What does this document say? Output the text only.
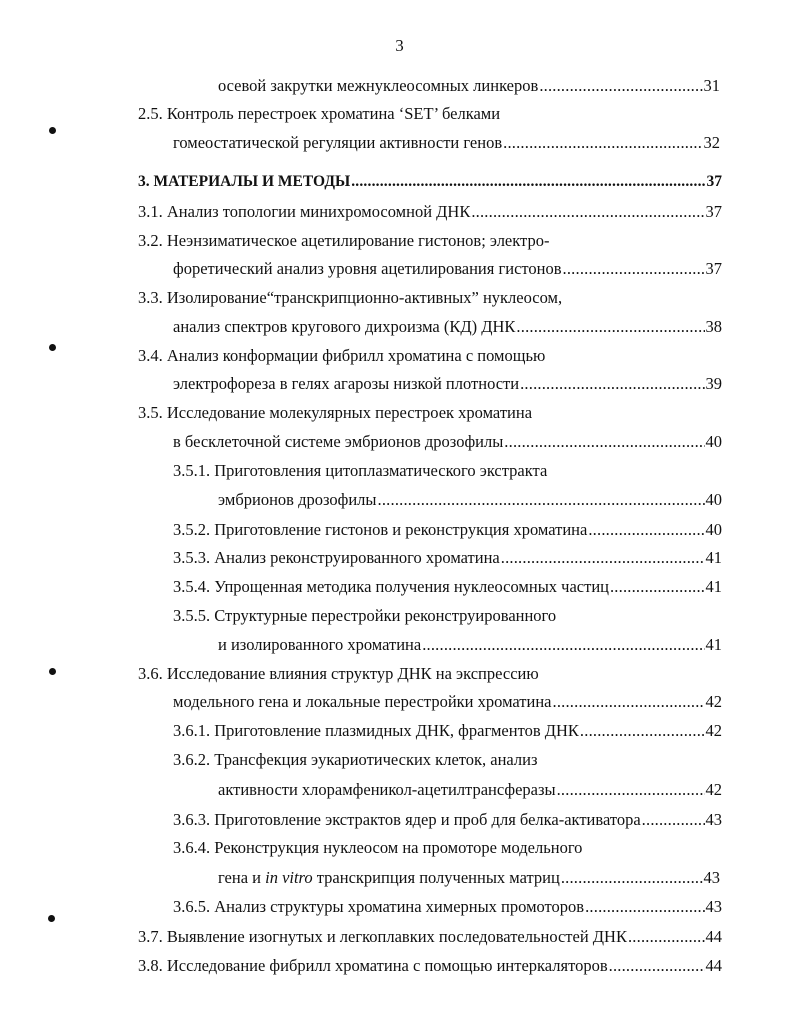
3
осевой закрутки межнуклеосомных линкеров .....	31
2.5. Контроль перестроек хроматина ‘SET’ белками
гомеостатической регуляции активности генов .....	32
3. МАТЕРИАЛЫ И МЕТОДЫ .....	37
3.1. Анализ топологии минихромосомной ДНК .....	37
3.2. Неэнзиматическое ацетилирование гистонов; электро-
форетический анализ уровня ацетилирования гистонов .....	37
3.3. Изолирование“транскрипционно-активных” нуклеосом,
анализ спектров кругового дихроизма (КД) ДНК .....	38
3.4. Анализ конформации фибрилл хроматина с помощью
электрофореза в гелях агарозы низкой плотности .....	39
3.5. Исследование молекулярных перестроек хроматина
в бесклеточной системе эмбрионов дрозофилы .....	40
3.5.1. Приготовления цитоплазматического экстракта
эмбрионов дрозофилы .....	40
3.5.2. Приготовление гистонов и реконструкция хроматина .....	40
3.5.3. Анализ реконструированного хроматина .....	41
3.5.4. Упрощенная методика получения нуклеосомных частиц .....	41
3.5.5. Структурные перестройки реконструированного
и изолированного хроматина .....	41
3.6. Исследование влияния структур ДНК на экспрессию
модельного гена и локальные перестройки хроматина .....	42
3.6.1. Приготовление плазмидных ДНК, фрагментов ДНК .....	42
3.6.2. Трансфекция эукариотических клеток, анализ
активности хлорамфеникол-ацетилтрансферазы .....	42
3.6.3. Приготовление экстрактов ядер и проб для белка-активатора .....	43
3.6.4. Реконструкция нуклеосом на промоторе модельного
гена и in vitro транскрипция полученных матриц .....	43
3.6.5. Анализ структуры хроматина химерных промоторов .....	43
3.7. Выявление изогнутых и легкоплавких последовательностей ДНК .....	44
3.8. Исследование фибрилл хроматина с помощью интеркаляторов .....	44
